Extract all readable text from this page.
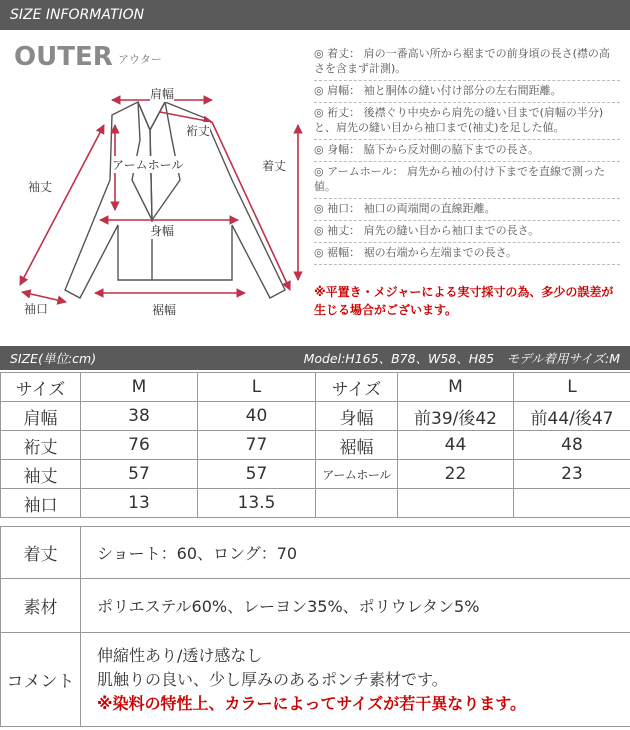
SIZE INFORMATION
OUTER アウター
肩幅
裄丈
アームホール	着丈
袖丈
身幅
袖口	裾幅
◎ 着丈： 肩の一番高い所から裾までの前身頃の長さ(襟の高さを含まず計測)。
◎ 肩幅： 袖と胴体の縫い付け部分の左右間距離。
◎ 裄丈： 後襟ぐり中央から肩先の縫い目まで(肩幅の半分)と、肩先の縫い目から袖口まで(袖丈)を足した値。
◎ 身幅： 脇下から反対側の脇下までの長さ。
◎ アームホール： 肩先から袖の付け下までを直線で測った値。
◎ 袖口： 袖口の両端間の直線距離。
◎ 袖丈： 肩先の縫い目から袖口までの長さ。
◎ 裾幅： 裾の右端から左端までの長さ。
※平置き・メジャーによる実寸採寸の為、多少の誤差が生じる場合がございます。
SIZE(単位:cm)	Model:H165、B78、W58、H85　モデル着用サイズ:M
サイズ	M	L	サイズ	M	L
肩幅	38	40	身幅	前39/後42	前44/後47
裄丈	76	77	裾幅	44	48
袖丈	57	57	アームホール	22	23
袖口	13	13.5			
着丈	ショート：60、ロング：70
素材	ポリエステル60%、レーヨン35%、ポリウレタン5%
コメント	伸縮性あり/透け感なし
肌触りの良い、少し厚みのあるポンチ素材です。
※染料の特性上、カラーによってサイズが若干異なります。
